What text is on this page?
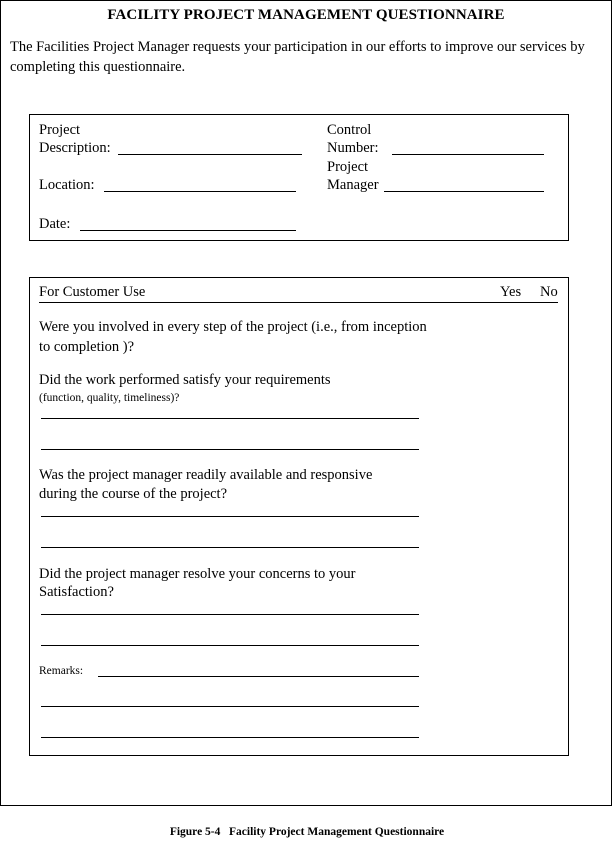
FACILITY PROJECT MANAGEMENT QUESTIONNAIRE
The Facilities Project Manager requests your participation in our efforts to improve our services by completing this questionnaire.
Project
Description:
Location:
Date:
Control
Number:
Project
Manager
For Customer Use	Yes No
Were you involved in every step of the project (i.e., from inception
to completion )?
Did the work performed satisfy your requirements
(function, quality, timeliness)?
Was the project manager readily available and responsive
during the course of the project?
Did the project manager resolve your concerns to your
Satisfaction?
Remarks:
Figure 5-4   Facility Project Management Questionnaire
